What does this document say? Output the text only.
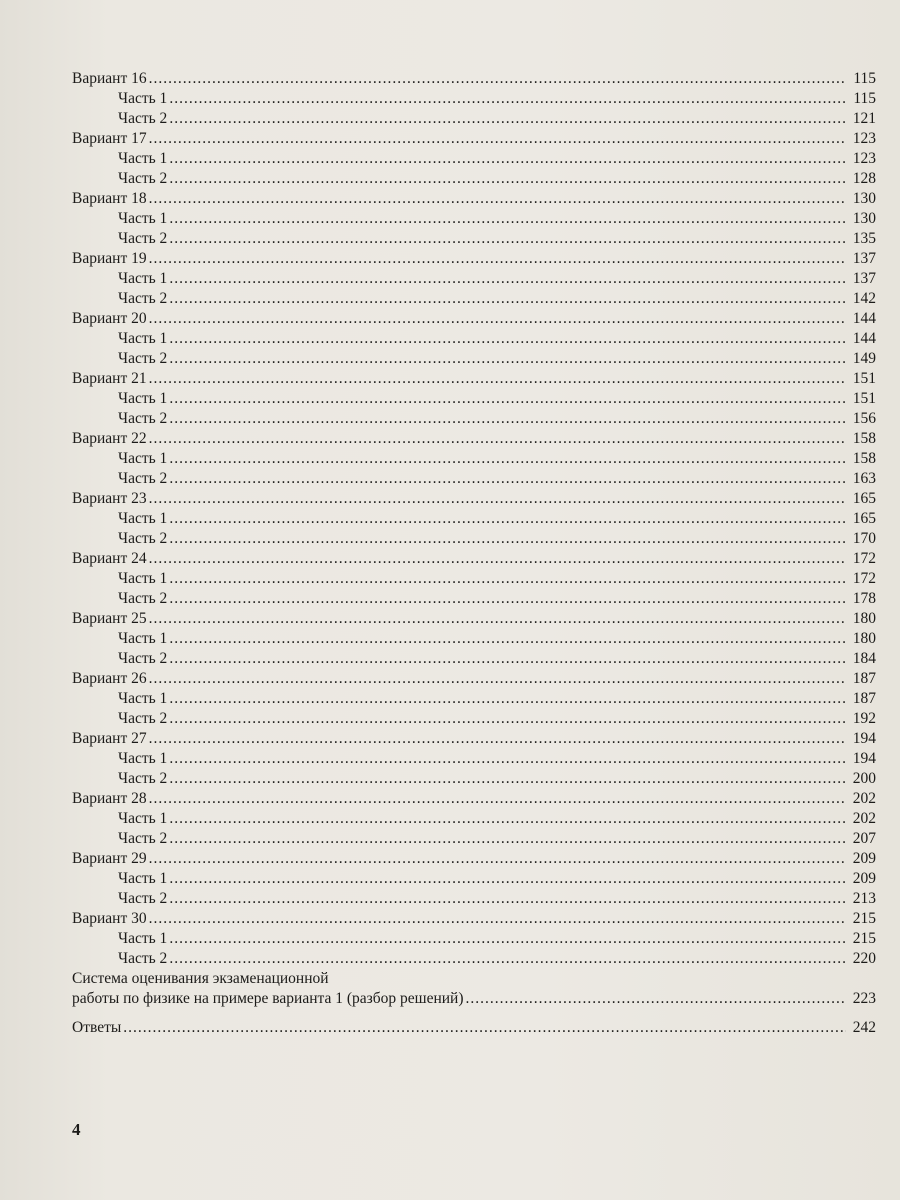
Вариант 16 .....	115
Часть 1 .....	115
Часть 2 .....	121
Вариант 17 .....	123
Часть 1 .....	123
Часть 2 .....	128
Вариант 18 .....	130
Часть 1 .....	130
Часть 2 .....	135
Вариант 19 .....	137
Часть 1 .....	137
Часть 2 .....	142
Вариант 20 .....	144
Часть 1 .....	144
Часть 2 .....	149
Вариант 21 .....	151
Часть 1 .....	151
Часть 2 .....	156
Вариант 22 .....	158
Часть 1 .....	158
Часть 2 .....	163
Вариант 23 .....	165
Часть 1 .....	165
Часть 2 .....	170
Вариант 24 .....	172
Часть 1 .....	172
Часть 2 .....	178
Вариант 25 .....	180
Часть 1 .....	180
Часть 2 .....	184
Вариант 26 .....	187
Часть 1 .....	187
Часть 2 .....	192
Вариант 27 .....	194
Часть 1 .....	194
Часть 2 .....	200
Вариант 28 .....	202
Часть 1 .....	202
Часть 2 .....	207
Вариант 29 .....	209
Часть 1 .....	209
Часть 2 .....	213
Вариант 30 .....	215
Часть 1 .....	215
Часть 2 .....	220
Система оценивания экзаменационной
работы по физике на примере варианта 1 (разбор решений) .....	223
Ответы .....	242
4
